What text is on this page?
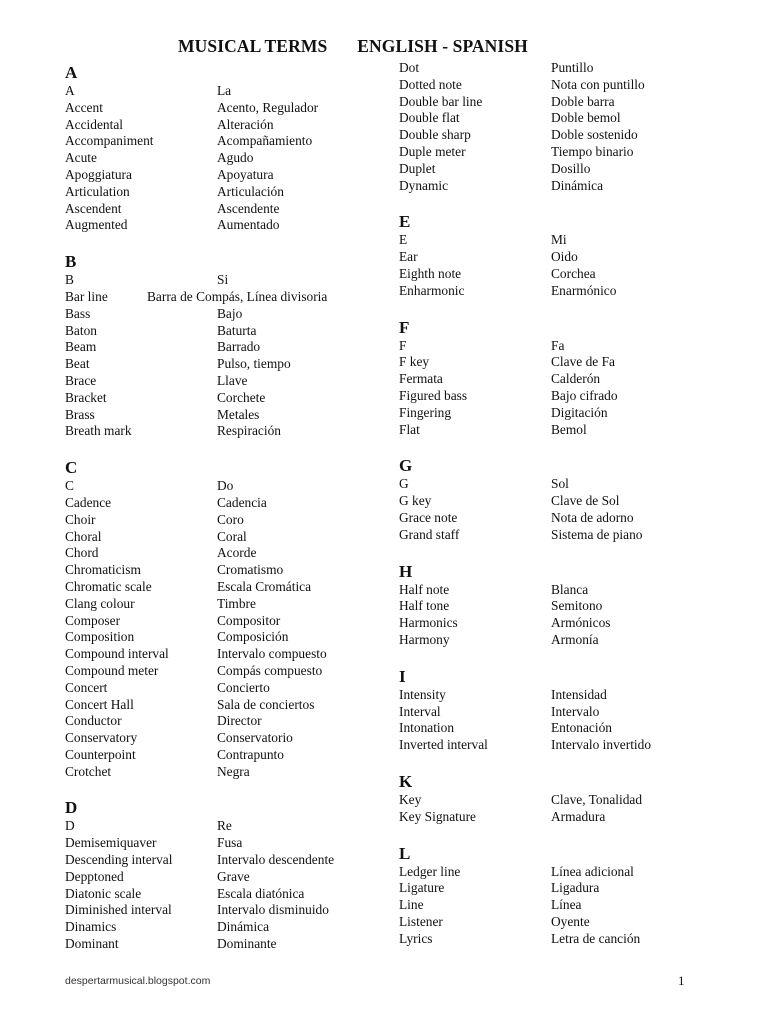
MUSICAL TERMS ENGLISH - SPANISH
A
A	La
Accent	Acento, Regulador
Accidental	Alteración
Accompaniment	Acompañamiento
Acute	Agudo
Apoggiatura	Apoyatura
Articulation	Articulación
Ascendent	Ascendente
Augmented	Aumentado
B
B	Si
Bar line	Barra de Compás, Línea divisoria
Bass	Bajo
Baton	Baturta
Beam	Barrado
Beat	Pulso, tiempo
Brace	Llave
Bracket	Corchete
Brass	Metales
Breath mark	Respiración
C
C	Do
Cadence	Cadencia
Choir	Coro
Choral	Coral
Chord	Acorde
Chromaticism	Cromatismo
Chromatic scale	Escala Cromática
Clang colour	Timbre
Composer	Compositor
Composition	Composición
Compound interval	Intervalo compuesto
Compound meter	Compás compuesto
Concert	Concierto
Concert Hall	Sala de conciertos
Conductor	Director
Conservatory	Conservatorio
Counterpoint	Contrapunto
Crotchet	Negra
D
D	Re
Demisemiquaver	Fusa
Descending interval	Intervalo descendente
Depptoned	Grave
Diatonic scale	Escala diatónica
Diminished interval	Intervalo disminuido
Dinamics	Dinámica
Dominant	Dominante
Dot	Puntillo
Dotted note	Nota con puntillo
Double bar line	Doble barra
Double flat	Doble bemol
Double sharp	Doble sostenido
Duple meter	Tiempo binario
Duplet	Dosillo
Dynamic	Dinámica
E
E	Mi
Ear	Oido
Eighth note	Corchea
Enharmonic	Enarmónico
F
F	Fa
F key	Clave de Fa
Fermata	Calderón
Figured bass	Bajo cifrado
Fingering	Digitación
Flat	Bemol
G
G	Sol
G key	Clave de Sol
Grace note	Nota de adorno
Grand staff	Sistema de piano
H
Half note	Blanca
Half tone	Semitono
Harmonics	Armónicos
Harmony	Armonía
I
Intensity	Intensidad
Interval	Intervalo
Intonation	Entonación
Inverted interval	Intervalo invertido
K
Key	Clave, Tonalidad
Key Signature	Armadura
L
Ledger line	Línea adicional
Ligature	Ligadura
Line	Línea
Listener	Oyente
Lyrics	Letra de canción
despertarmusical.blogspot.com	1
